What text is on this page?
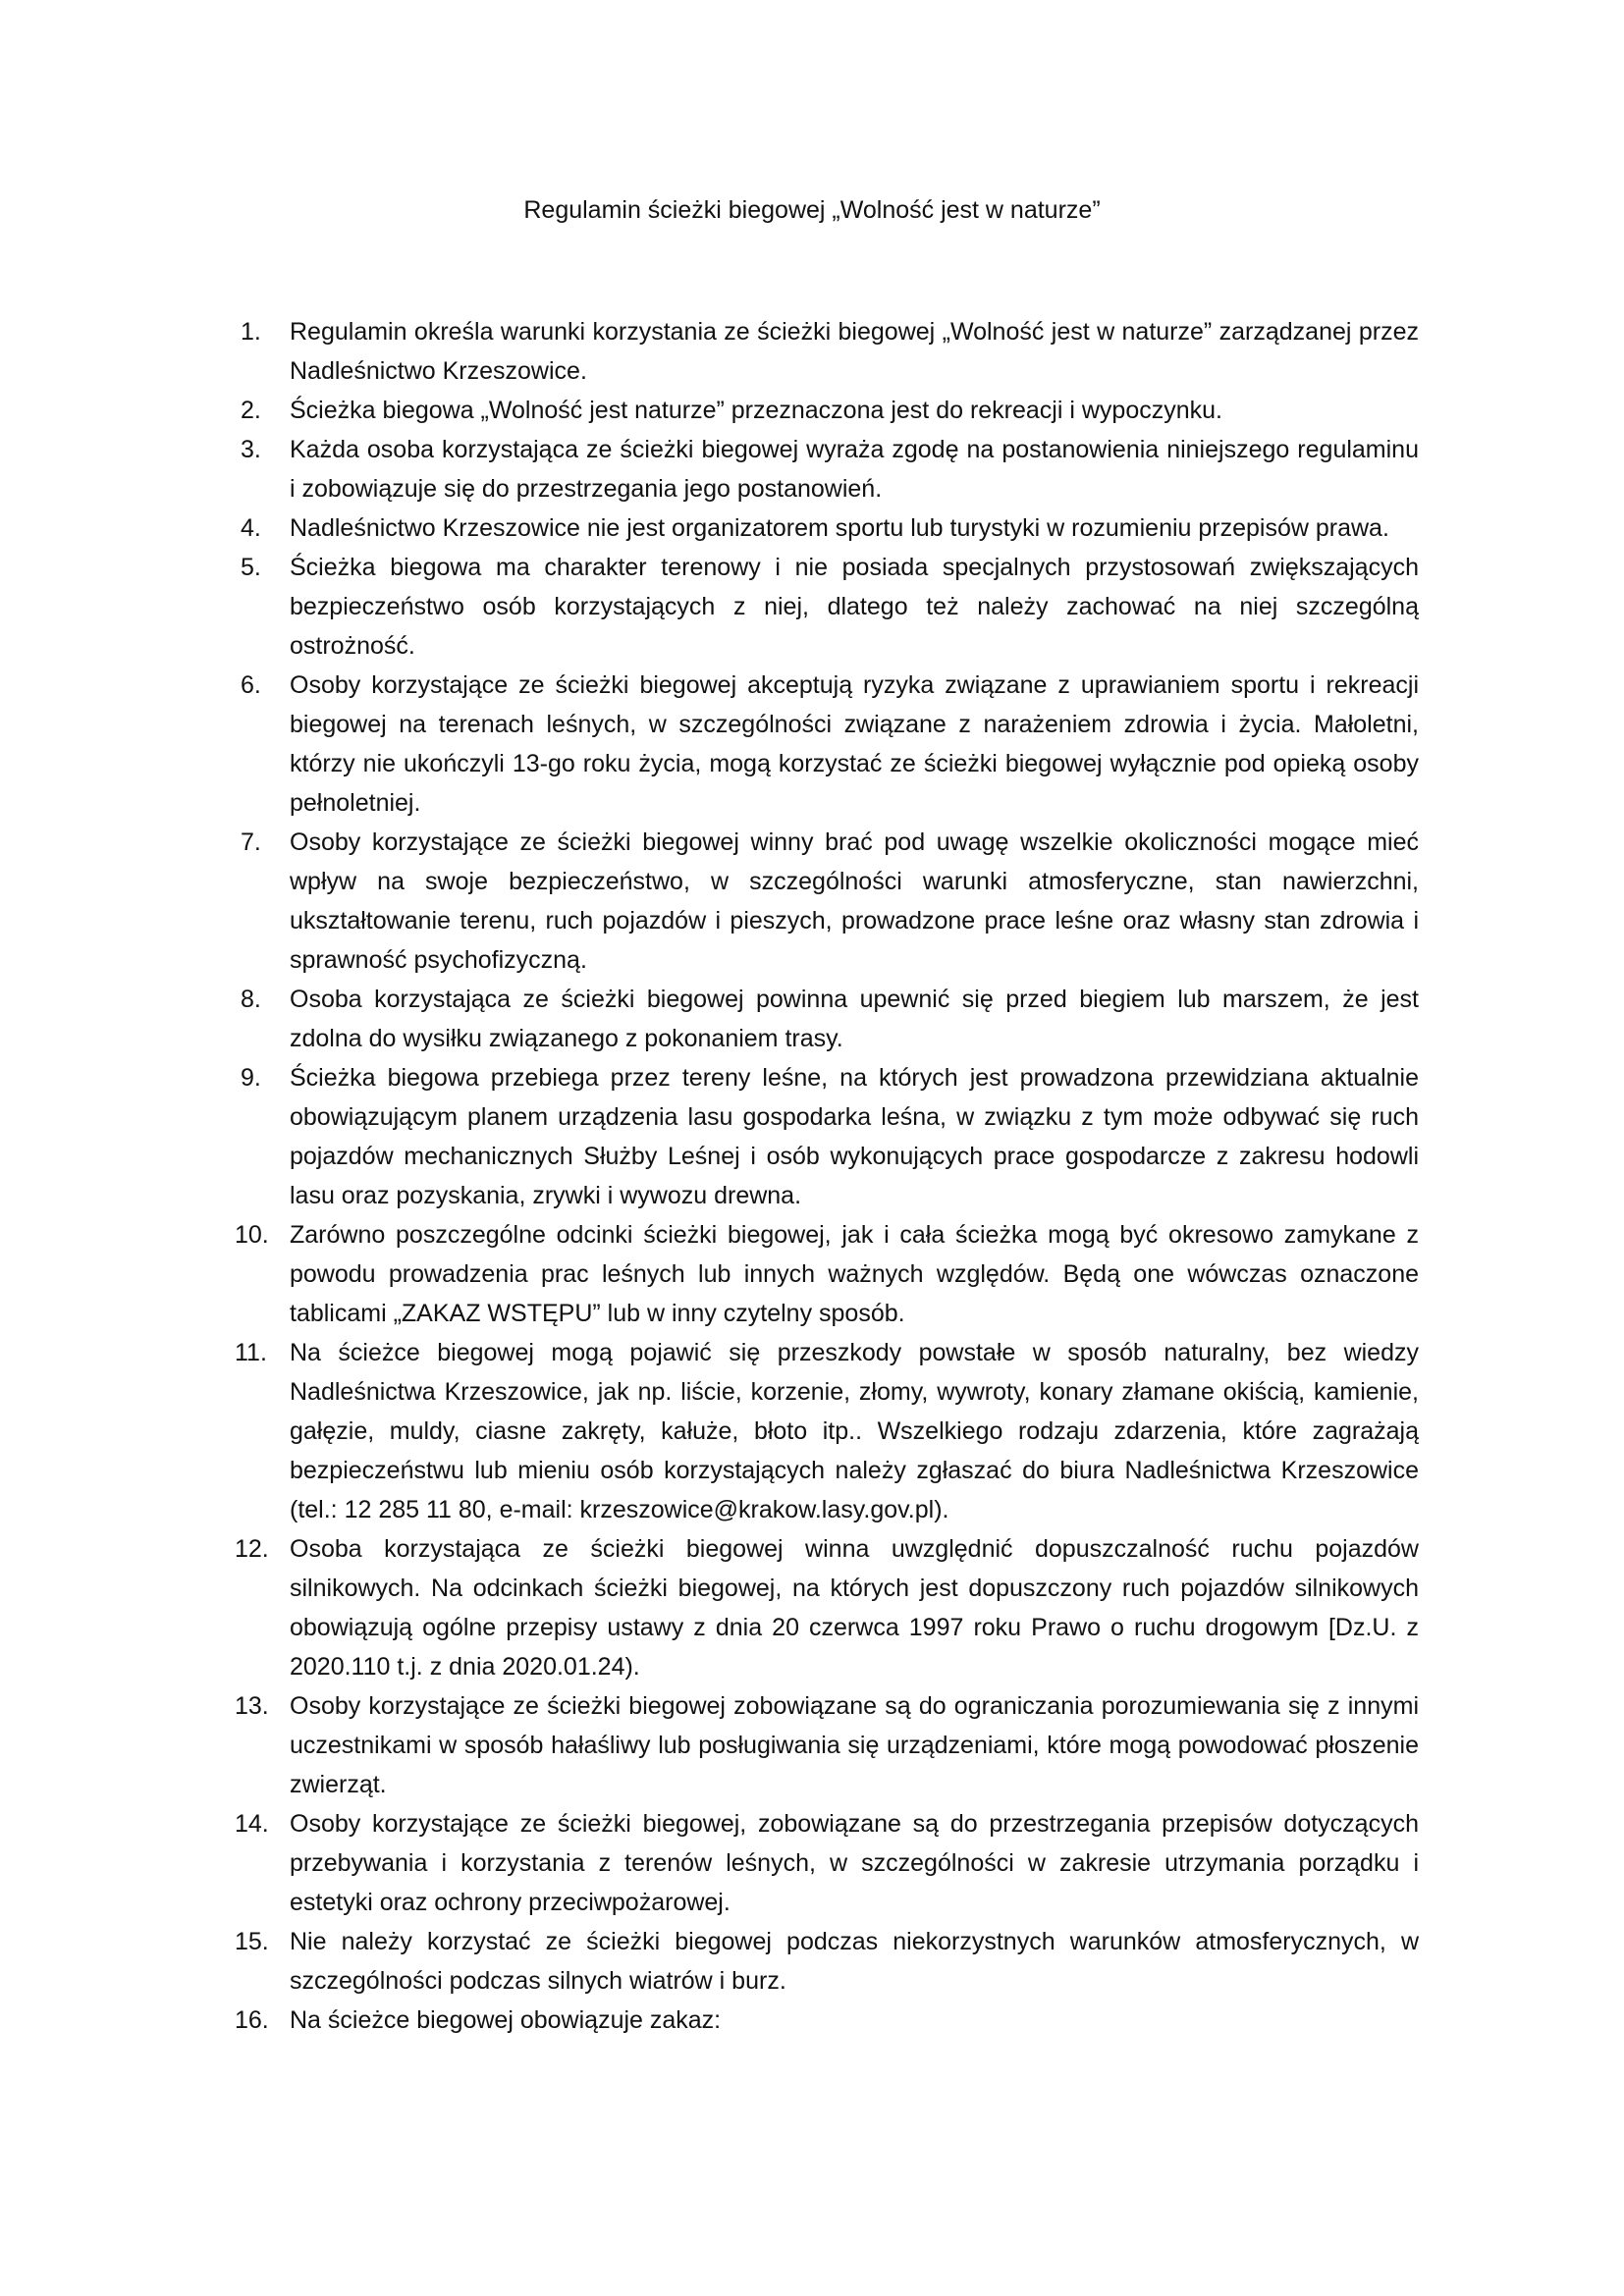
Regulamin ścieżki biegowej „Wolność jest w naturze”
1.	Regulamin określa warunki korzystania ze ścieżki biegowej „Wolność jest w naturze” zarządzanej przez Nadleśnictwo Krzeszowice.
2.	Ścieżka biegowa „Wolność jest naturze” przeznaczona jest do rekreacji i wypoczynku.
3.	Każda osoba korzystająca ze ścieżki biegowej wyraża zgodę na postanowienia niniejszego regulaminu i zobowiązuje się do przestrzegania jego postanowień.
4.	Nadleśnictwo Krzeszowice nie jest organizatorem sportu lub turystyki w rozumieniu przepisów prawa.
5.	Ścieżka biegowa ma charakter terenowy i nie posiada specjalnych przystosowań zwiększających bezpieczeństwo osób korzystających z niej, dlatego też należy zachować na niej szczególną ostrożność.
6.	Osoby korzystające ze ścieżki biegowej akceptują ryzyka związane z uprawianiem sportu i rekreacji biegowej na terenach leśnych, w szczególności związane z narażeniem zdrowia i życia. Małoletni, którzy nie ukończyli 13-go roku życia, mogą korzystać ze ścieżki biegowej wyłącznie pod opieką osoby pełnoletniej.
7.	Osoby korzystające ze ścieżki biegowej winny brać pod uwagę wszelkie okoliczności mogące mieć wpływ na swoje bezpieczeństwo, w szczególności warunki atmosferyczne, stan nawierzchni, ukształtowanie terenu, ruch pojazdów i pieszych, prowadzone prace leśne oraz własny stan zdrowia i sprawność psychofizyczną.
8.	Osoba korzystająca ze ścieżki biegowej powinna upewnić się przed biegiem lub marszem, że jest zdolna do wysiłku związanego z pokonaniem trasy.
9.	Ścieżka biegowa przebiega przez tereny leśne, na których jest prowadzona przewidziana aktualnie obowiązującym planem urządzenia lasu gospodarka leśna, w związku z tym może odbywać się ruch pojazdów mechanicznych Służby Leśnej i osób wykonujących prace gospodarcze z zakresu hodowli lasu oraz pozyskania, zrywki i wywozu drewna.
10. Zarówno poszczególne odcinki ścieżki biegowej, jak i cała ścieżka mogą być okresowo zamykane z powodu prowadzenia prac leśnych lub innych ważnych względów. Będą one wówczas oznaczone tablicami „ZAKAZ WSTĘPU” lub w inny czytelny sposób.
11. Na ścieżce biegowej mogą pojawić się przeszkody powstałe w sposób naturalny, bez wiedzy Nadleśnictwa Krzeszowice, jak np. liście, korzenie, złomy, wywroty, konary złamane okiścią, kamienie, gałęzie, muldy, ciasne zakręty, kałuże, błoto itp.. Wszelkiego rodzaju zdarzenia, które zagrażają bezpieczeństwu lub mieniu osób korzystających należy zgłaszać do biura Nadleśnictwa Krzeszowice (tel.: 12 285 11 80, e-mail: krzeszowice@krakow.lasy.gov.pl).
12. Osoba korzystająca ze ścieżki biegowej winna uwzględnić dopuszczalność ruchu pojazdów silnikowych. Na odcinkach ścieżki biegowej, na których jest dopuszczony ruch pojazdów silnikowych obowiązują ogólne przepisy ustawy z dnia 20 czerwca 1997 roku Prawo o ruchu drogowym [Dz.U. z 2020.110 t.j. z dnia 2020.01.24).
13. Osoby korzystające ze ścieżki biegowej zobowiązane są do ograniczania porozumiewania się z innymi uczestnikami w sposób hałaśliwy lub posługiwania się urządzeniami, które mogą powodować płoszenie zwierząt.
14. Osoby korzystające ze ścieżki biegowej, zobowiązane są do przestrzegania przepisów dotyczących przebywania i korzystania z terenów leśnych, w szczególności w zakresie utrzymania porządku i estetyki oraz ochrony przeciwpożarowej.
15. Nie należy korzystać ze ścieżki biegowej podczas niekorzystnych warunków atmosferycznych, w szczególności podczas silnych wiatrów i burz.
16. Na ścieżce biegowej obowiązuje zakaz:
